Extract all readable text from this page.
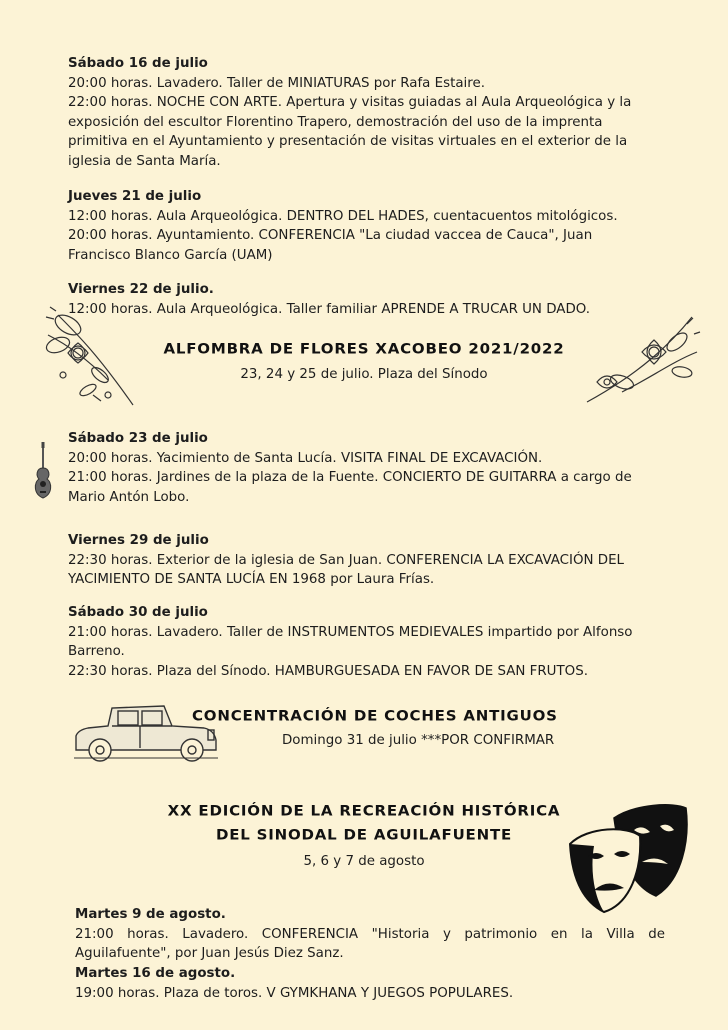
Sábado 16 de julio
20:00 horas. Lavadero. Taller de MINIATURAS por Rafa Estaire.
22:00 horas. NOCHE CON ARTE. Apertura y visitas guiadas al Aula Arqueológica y la
exposición del escultor Florentino Trapero, demostración del uso de la imprenta
primitiva en el Ayuntamiento y presentación de visitas virtuales en el exterior de la
iglesia de Santa María.
Jueves 21 de julio
12:00 horas. Aula Arqueológica. DENTRO DEL HADES, cuentacuentos mitológicos.
20:00 horas. Ayuntamiento. CONFERENCIA "La ciudad vaccea de Cauca", Juan
Francisco Blanco García (UAM)
Viernes 22 de julio.
12:00 horas. Aula Arqueológica. Taller familiar APRENDE A TRUCAR UN DADO.
ALFOMBRA DE FLORES XACOBEO 2021/2022
23, 24 y 25 de julio. Plaza del Sínodo
Sábado 23 de julio
20:00 horas. Yacimiento de Santa Lucía. VISITA FINAL DE EXCAVACIÓN.
21:00 horas. Jardines de la plaza de la Fuente. CONCIERTO DE GUITARRA a cargo de
Mario Antón Lobo.
Viernes 29 de julio
22:30 horas. Exterior de la iglesia de San Juan. CONFERENCIA LA EXCAVACIÓN DEL
YACIMIENTO DE SANTA LUCÍA EN 1968 por Laura Frías.
Sábado 30 de julio
21:00 horas. Lavadero. Taller de INSTRUMENTOS MEDIEVALES impartido por Alfonso
Barreno.
22:30 horas. Plaza del Sínodo. HAMBURGUESADA EN FAVOR DE SAN FRUTOS.
CONCENTRACIÓN DE COCHES ANTIGUOS
Domingo 31 de julio ***POR CONFIRMAR
XX EDICIÓN DE LA RECREACIÓN HISTÓRICA
DEL SINODAL DE AGUILAFUENTE
5, 6 y 7 de agosto
Martes 9 de agosto.
21:00 horas. Lavadero. CONFERENCIA "Historia y patrimonio en la Villa de
Aguilafuente", por Juan Jesús Diez Sanz.
Martes 16 de agosto.
19:00 horas. Plaza de toros. V GYMKHANA Y JUEGOS POPULARES.
